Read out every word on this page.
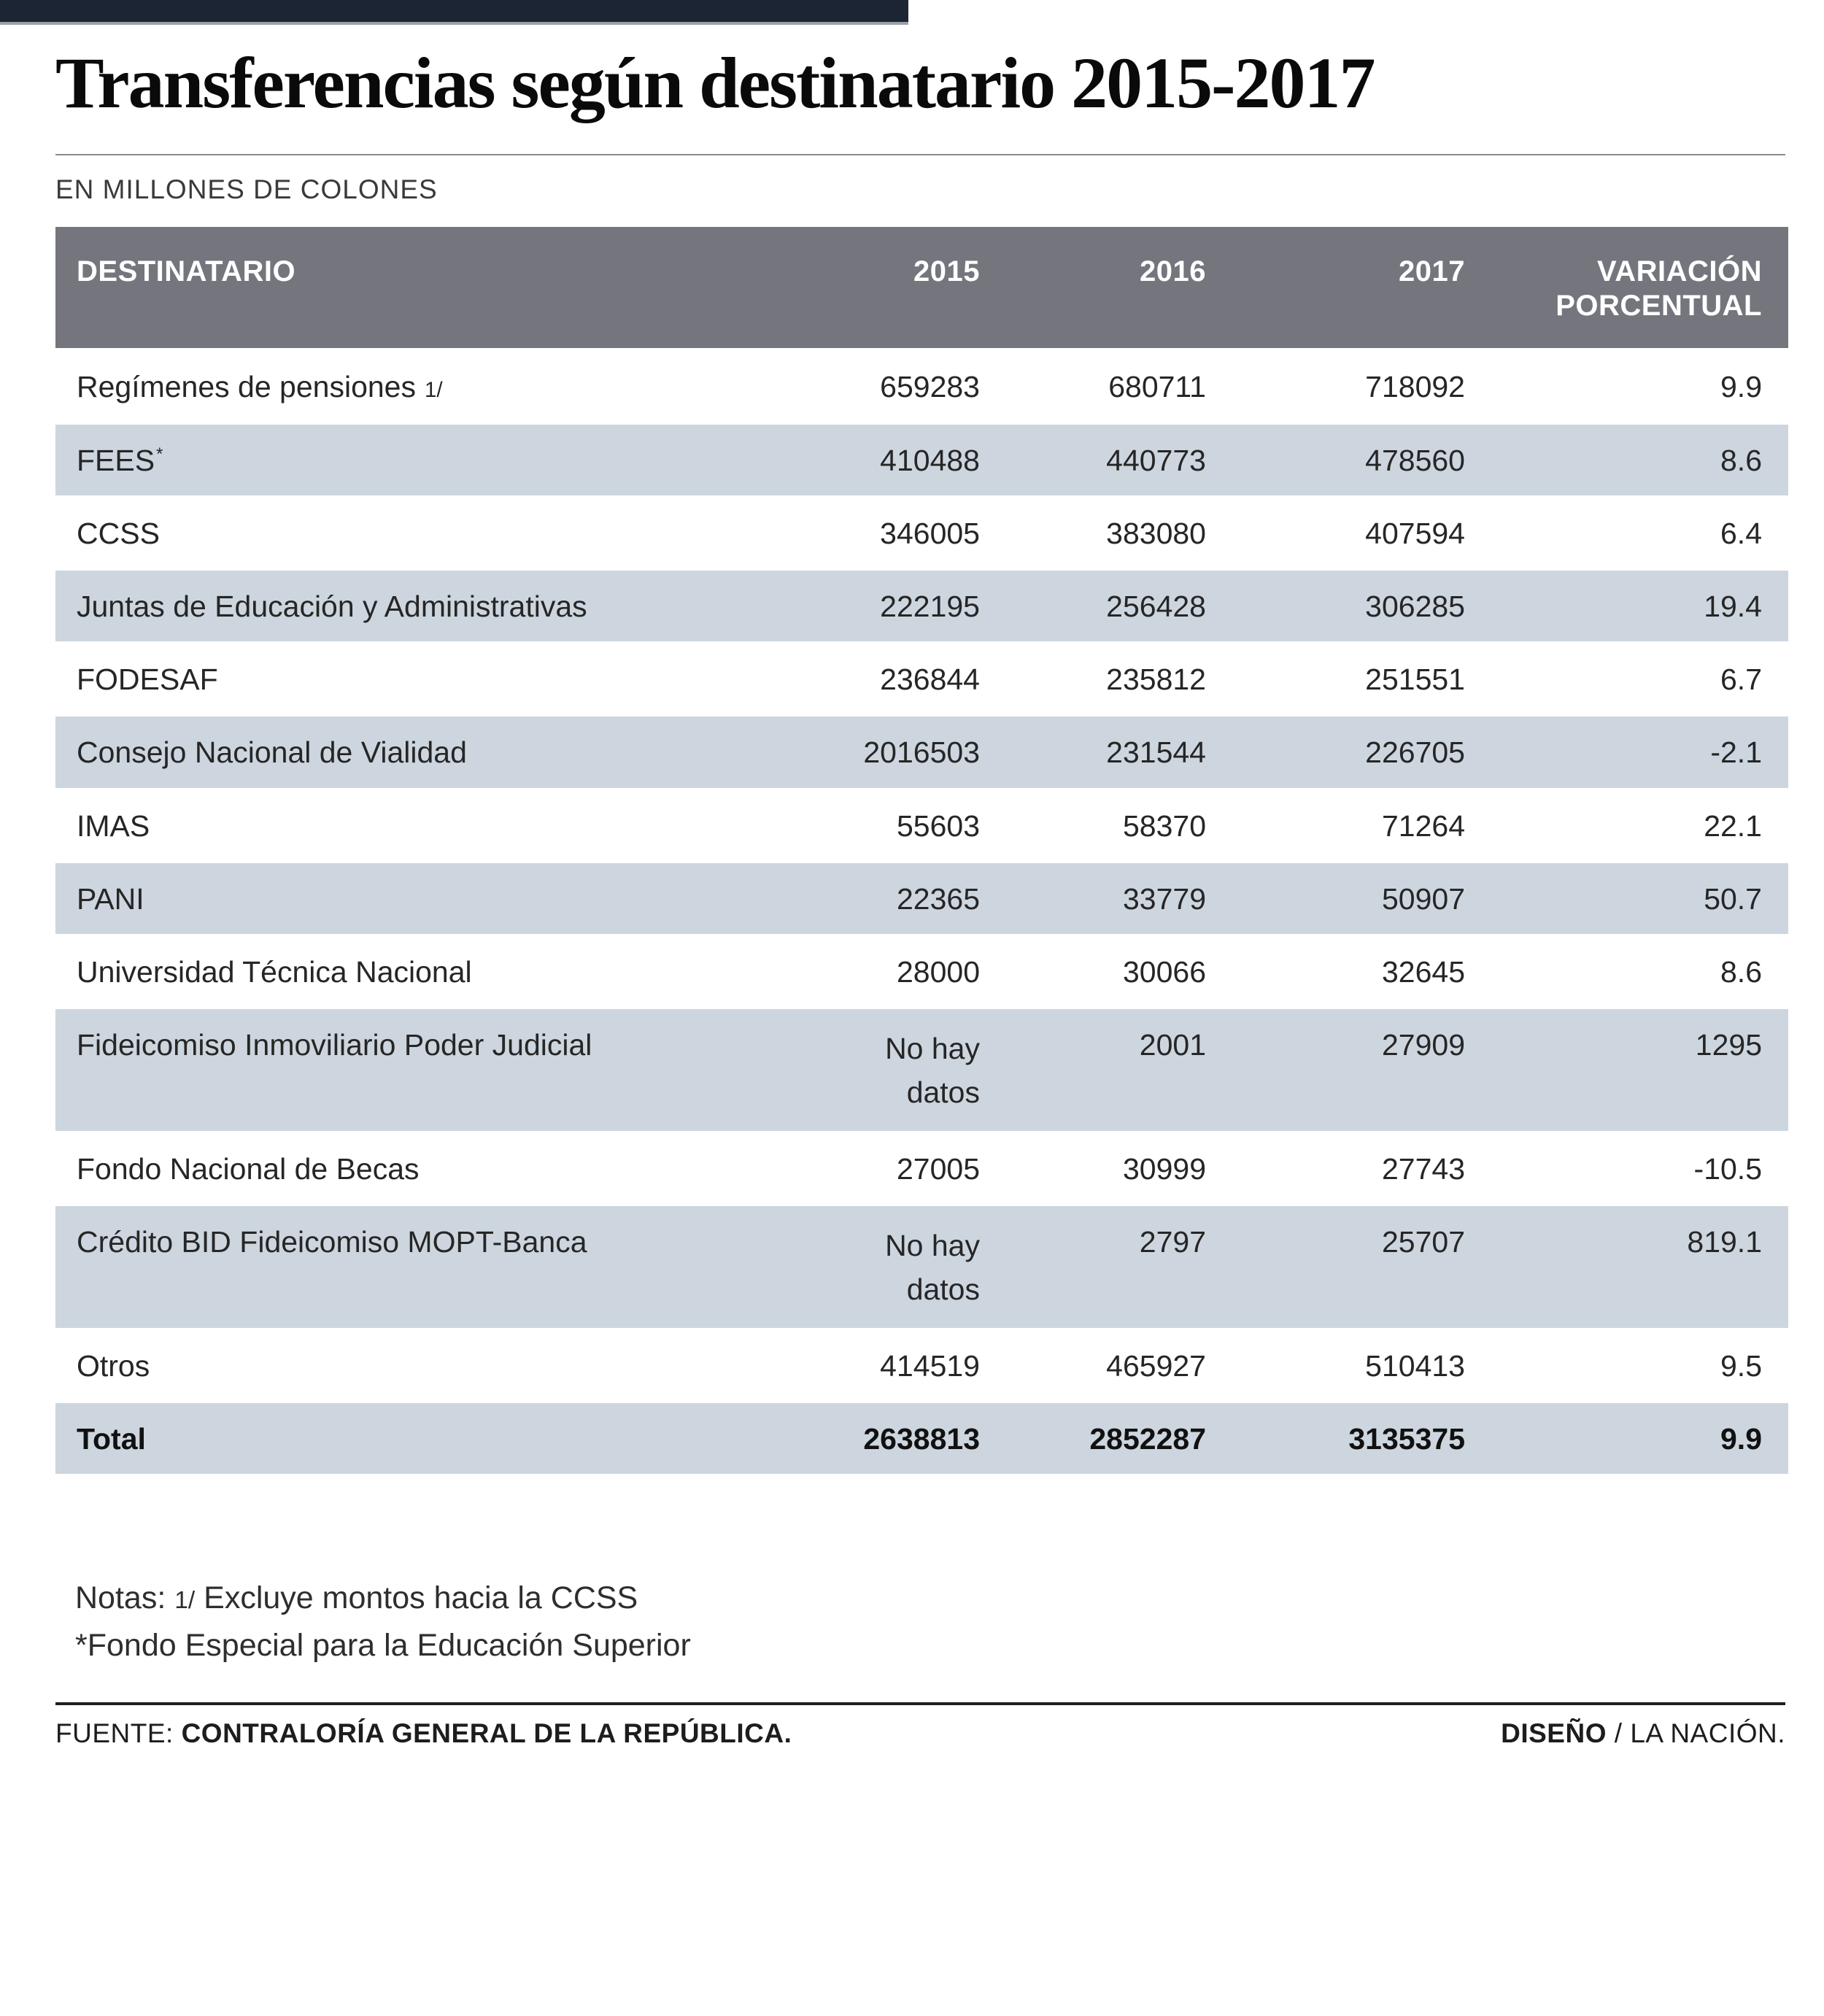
Transferencias según destinatario 2015-2017
EN MILLONES DE COLONES
DESTINATARIO	2015	2016	2017	VARIACIÓN PORCENTUAL
Regímenes de pensiones 1/	659283	680711	718092	9.9
FEES*	410488	440773	478560	8.6
CCSS	346005	383080	407594	6.4
Juntas de Educación y Administrativas	222195	256428	306285	19.4
FODESAF	236844	235812	251551	6.7
Consejo Nacional de Vialidad	2016503	231544	226705	-2.1
IMAS	55603	58370	71264	22.1
PANI	22365	33779	50907	50.7
Universidad Técnica Nacional	28000	30066	32645	8.6
Fideicomiso Inmoviliario Poder Judicial	No hay datos	2001	27909	1295
Fondo Nacional de Becas	27005	30999	27743	-10.5
Crédito BID Fideicomiso MOPT-Banca	No hay datos	2797	25707	819.1
Otros	414519	465927	510413	9.5
Total	2638813	2852287	3135375	9.9
Notas: 1/ Excluye montos hacia la CCSS
*Fondo Especial para la Educación Superior
FUENTE: CONTRALORÍA GENERAL DE LA REPÚBLICA.	DISEÑO / LA NACIÓN.
